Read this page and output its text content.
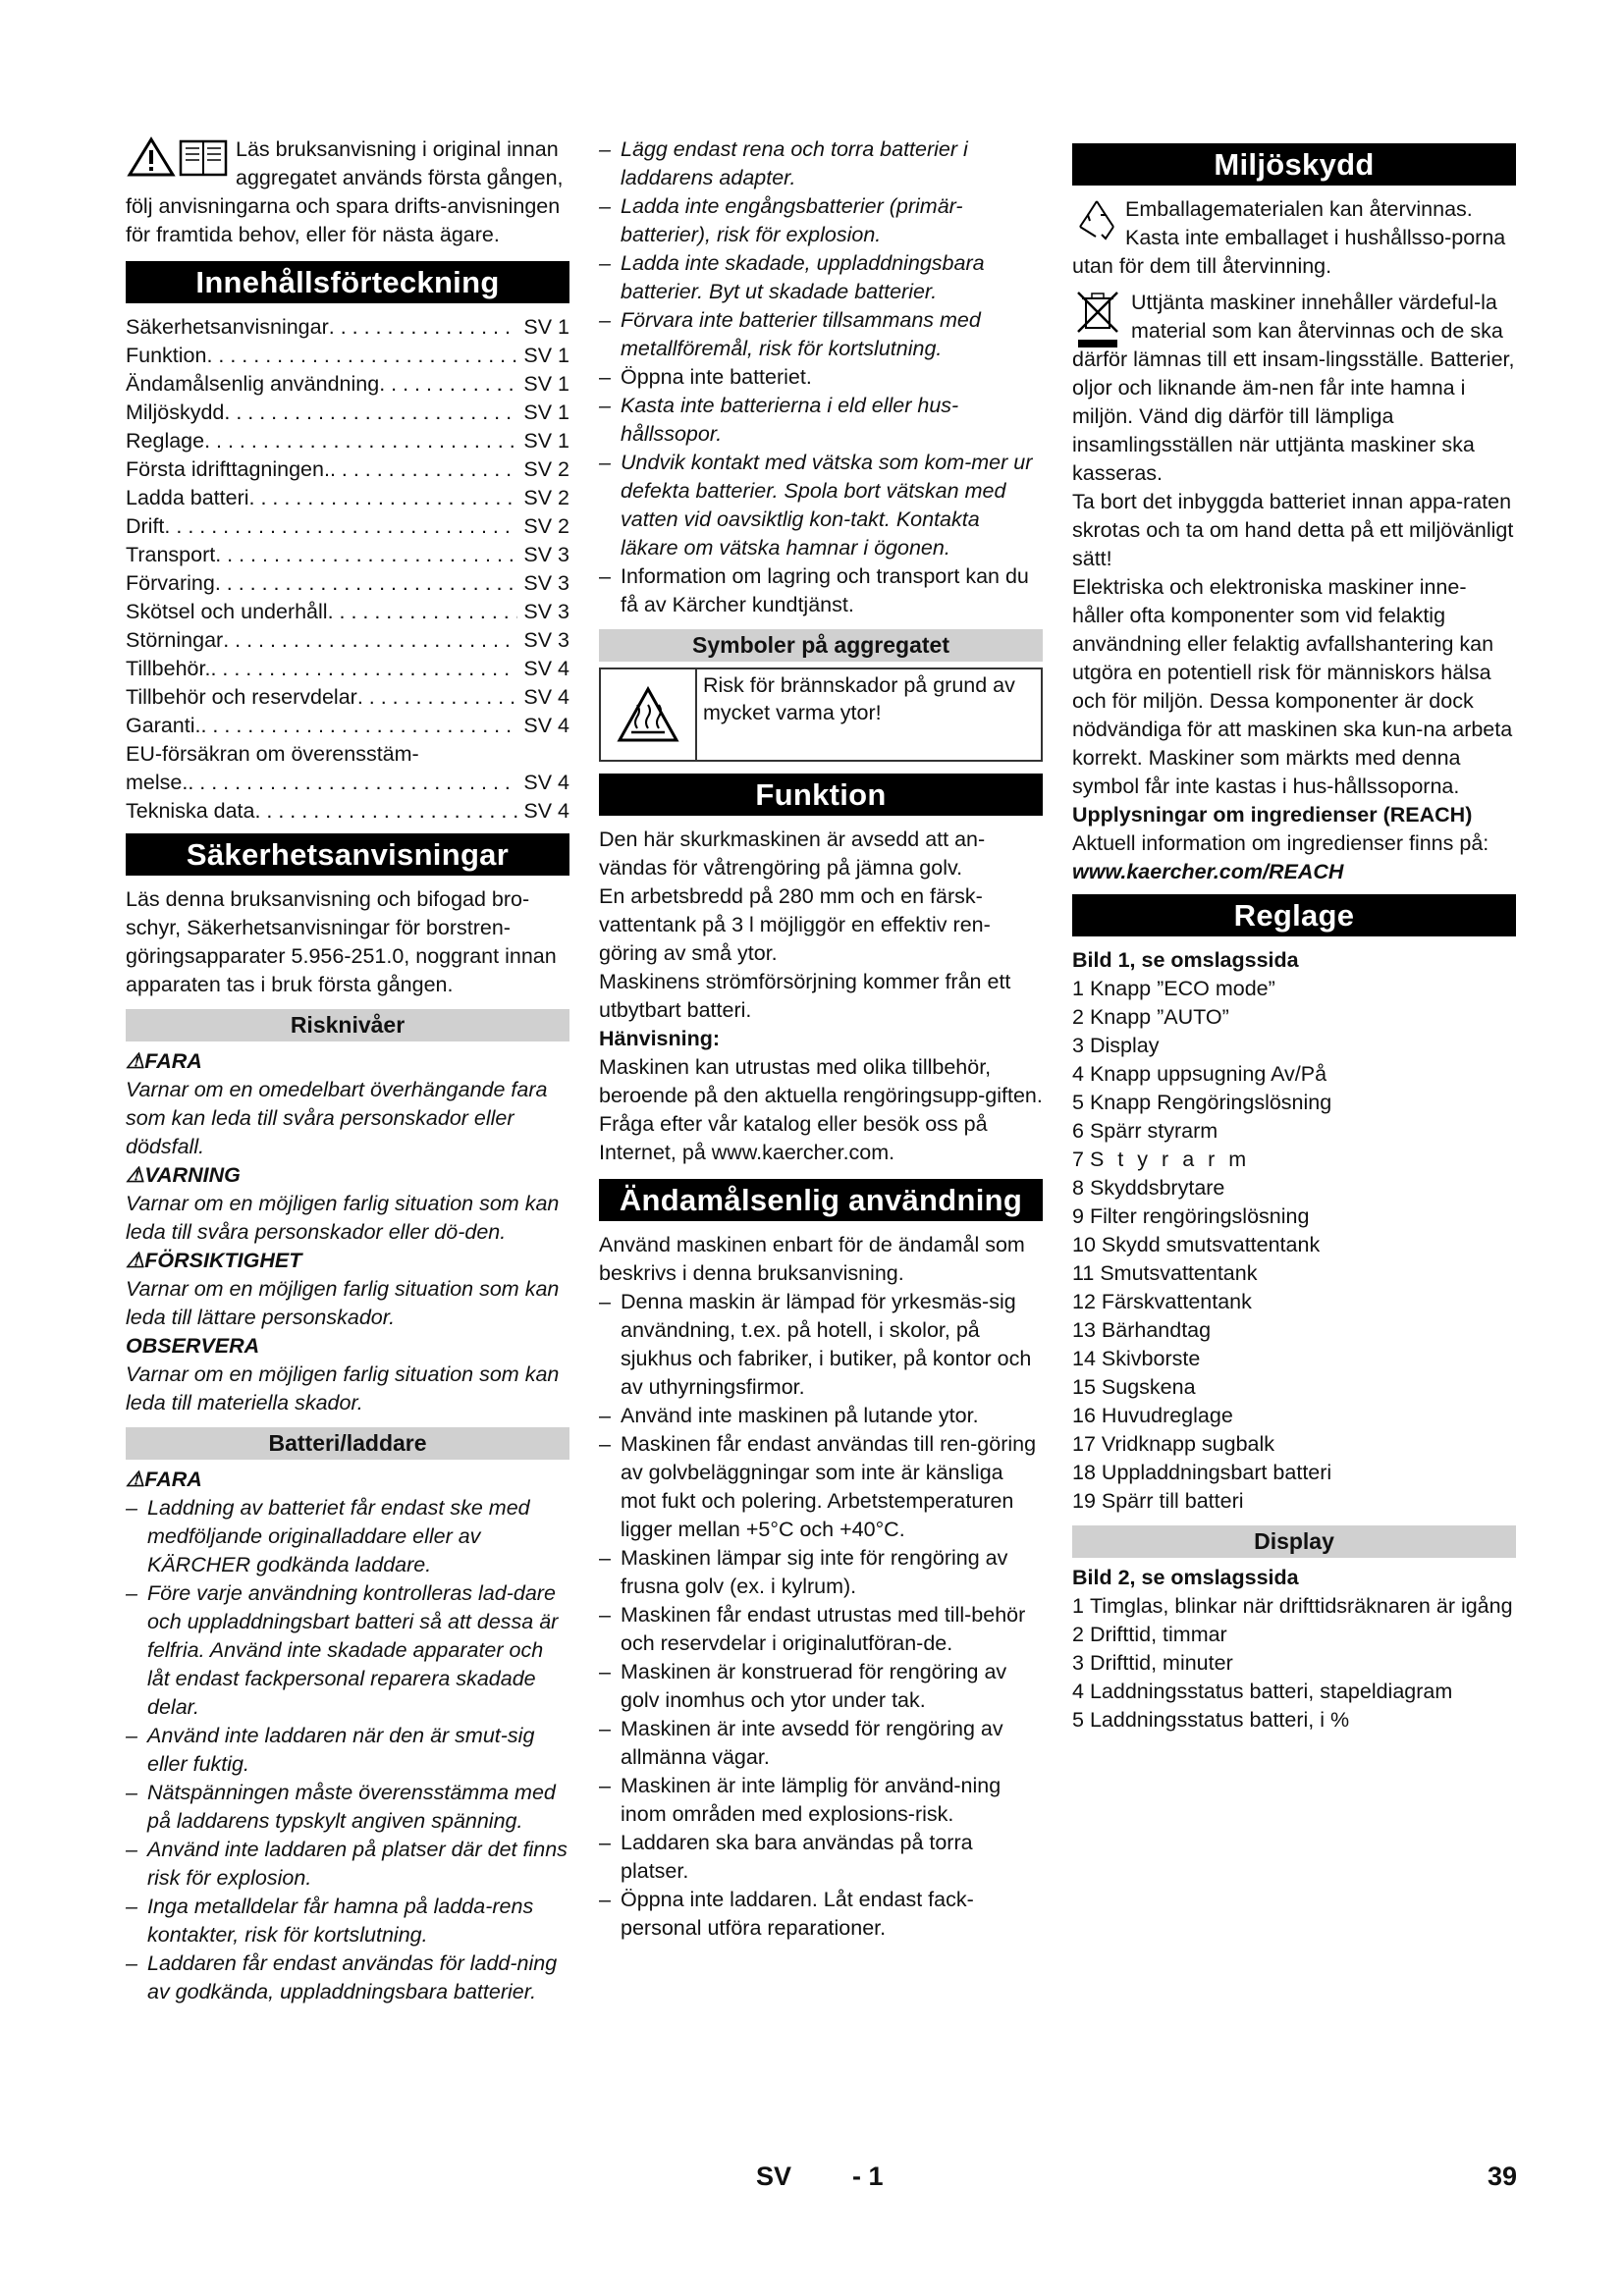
Läs bruksanvisning i original innan aggregatet används första gången, följ anvisningarna och spara drifts-anvisningen för framtida behov, eller för nästa ägare.

Innehållsförteckning
Säkerhetsanvisningar . . .	SV 1
Funktion . . .	SV 1
Ändamålsenlig användning . . .	SV 1
Miljöskydd . . .	SV 1
Reglage . . .	SV 1
Första idrifttagningen. . . .	SV 2
Ladda batteri . . .	SV 2
Drift . . .	SV 2
Transport . . .	SV 3
Förvaring . . .	SV 3
Skötsel och underhåll . . .	SV 3
Störningar . . .	SV 3
Tillbehör. . . .	SV 4
Tillbehör och reservdelar . . .	SV 4
Garanti. . . .	SV 4
EU-försäkran om överensstäm-
melse. . . .	SV 4
Tekniska data . . .	SV 4
Säkerhetsanvisningar

Läs denna bruksanvisning och bifogad bro-schyr, Säkerhetsanvisningar för borstren-göringsapparater 5.956-251.0, noggrant innan apparaten tas i bruk första gången.

Risknivåer

⚠FARA

Varnar om en omedelbart överhängande fara som kan leda till svåra personskador eller dödsfall.

⚠VARNING

Varnar om en möjligen farlig situation som kan leda till svåra personskador eller dö-den.

⚠FÖRSIKTIGHET

Varnar om en möjligen farlig situation som kan leda till lättare personskador.

OBSERVERA

Varnar om en möjligen farlig situation som kan leda till materiella skador.

Batteri/laddare

⚠FARA

– Laddning av batteriet får endast ske med medföljande originalladdare eller av KÄRCHER godkända laddare.
– Före varje användning kontrolleras lad-dare och uppladdningsbart batteri så att dessa är felfria. Använd inte skadade apparater och låt endast fackpersonal reparera skadade delar.
– Använd inte laddaren när den är smut-sig eller fuktig.
– Nätspänningen måste överensstämma med på laddarens typskylt angiven spänning.
– Använd inte laddaren på platser där det finns risk för explosion.
– Inga metalldelar får hamna på ladda-rens kontakter, risk för kortslutning.
– Laddaren får endast användas för ladd-ning av godkända, uppladdningsbara batterier.
– Lägg endast rena och torra batterier i laddarens adapter.
– Ladda inte engångsbatterier (primär-batterier), risk för explosion.
– Ladda inte skadade, uppladdningsbara batterier. Byt ut skadade batterier.
– Förvara inte batterier tillsammans med metallföremål, risk för kortslutning.
– Öppna inte batteriet.
– Kasta inte batterierna i eld eller hus-hållssopor.
– Undvik kontakt med vätska som kom-mer ur defekta batterier. Spola bort vätskan med vatten vid oavsiktlig kon-takt. Kontakta läkare om vätska hamnar i ögonen.
– Information om lagring och transport kan du få av Kärcher kundtjänst.
Symboler på aggregatet
Risk för brännskador på grund av mycket varma ytor!
Funktion

Den här skurkmaskinen är avsedd att an-vändas för våtrengöring på jämna golv.

En arbetsbredd på 280 mm och en färsk-vattentank på 3 l möjliggör en effektiv ren-göring av små ytor.

Maskinens strömförsörjning kommer från ett utbytbart batteri.

Hänvisning:

Maskinen kan utrustas med olika tillbehör, beroende på den aktuella rengöringsupp-giften.

Fråga efter vår katalog eller besök oss på Internet, på www.kaercher.com.

Ändamålsenlig användning

Använd maskinen enbart för de ändamål som beskrivs i denna bruksanvisning.

– Denna maskin är lämpad för yrkesmäs-sig användning, t.ex. på hotell, i skolor, på sjukhus och fabriker, i butiker, på kontor och av uthyrningsfirmor.
– Använd inte maskinen på lutande ytor.
– Maskinen får endast användas till ren-göring av golvbeläggningar som inte är känsliga mot fukt och polering. Arbetstemperaturen ligger mellan +5°C och +40°C.
– Maskinen lämpar sig inte för rengöring av frusna golv (ex. i kylrum).
– Maskinen får endast utrustas med till-behör och reservdelar i originalutföran-de.
– Maskinen är konstruerad för rengöring av golv inomhus och ytor under tak.
– Maskinen är inte avsedd för rengöring av allmänna vägar.
– Maskinen är inte lämplig för använd-ning inom områden med explosions-risk.
– Laddaren ska bara användas på torra platser.
– Öppna inte laddaren. Låt endast fack-personal utföra reparationer.
Miljöskydd

Emballagematerialen kan återvinnas. Kasta inte emballaget i hushållsso-porna utan för dem till återvinning.

Uttjänta maskiner innehåller värdeful-la material som kan återvinnas och de ska därför lämnas till ett insam-lingsställe. Batterier, oljor och liknande äm-nen får inte hamna i miljön. Vänd dig därför till lämpliga insamlingsställen när uttjänta maskiner ska kasseras.

Ta bort det inbyggda batteriet innan appa-raten skrotas och ta om hand detta på ett miljövänligt sätt!

Elektriska och elektroniska maskiner inne-håller ofta komponenter som vid felaktig användning eller felaktig avfallshantering kan utgöra en potentiell risk för människors hälsa och för miljön. Dessa komponenter är dock nödvändiga för att maskinen ska kun-na arbeta korrekt. Maskiner som märkts med denna symbol får inte kastas i hus-hållssoporna.

Upplysningar om ingredienser (REACH)

Aktuell information om ingredienser finns på:

www.kaercher.com/REACH

Reglage

Bild 1, se omslagssida

1 Knapp ”ECO mode”
2 Knapp ”AUTO”
3 Display
4 Knapp uppsugning Av/På
5 Knapp Rengöringslösning
6 Spärr styrarm
7 Styrarm
8 Skyddsbrytare
9 Filter rengöringslösning
10 Skydd smutsvattentank
11 Smutsvattentank
12 Färskvattentank
13 Bärhandtag
14 Skivborste
15 Sugskena
16 Huvudreglage
17 Vridknapp sugbalk
18 Uppladdningsbart batteri
19 Spärr till batteri
Display

Bild 2, se omslagssida

1 Timglas, blinkar när drifttidsräknaren är igång
2 Drifttid, timmar
3 Drifttid, minuter
4 Laddningsstatus batteri, stapeldiagram
5 Laddningsstatus batteri, i %
SV - 1	39
